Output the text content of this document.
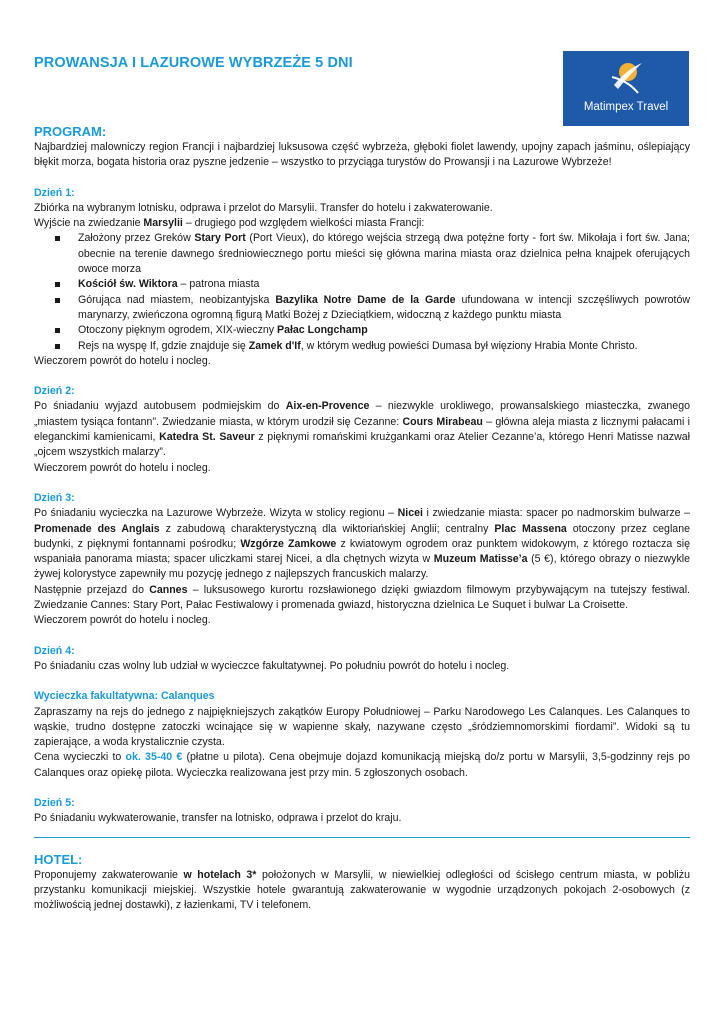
PROWANSJA I LAZUROWE WYBRZEŻE 5 DNI
Matimpex Travel
PROGRAM:

Najbardziej malowniczy region Francji i najbardziej luksusowa część wybrzeża, głęboki fiolet lawendy, upojny zapach jaśminu, oślepiający błękit morza, bogata historia oraz pyszne jedzenie – wszystko to przyciąga turystów do Prowansji i na Lazurowe Wybrzeże!

Dzień 1:

Zbiórka na wybranym lotnisku, odprawa i przelot do Marsylii. Transfer do hotelu i zakwaterowanie.

Wyjście na zwiedzanie Marsylii – drugiego pod względem wielkości miasta Francji:

Założony przez Greków Stary Port (Port Vieux), do którego wejścia strzegą dwa potężne forty - fort św. Mikołaja i fort św. Jana; obecnie na terenie dawnego średniowiecznego portu mieści się główna marina miasta oraz dzielnica pełna knajpek oferujących owoce morza
Kościół św. Wiktora – patrona miasta
Górująca nad miastem, neobizantyjska Bazylika Notre Dame de la Garde ufundowana w intencji szczęśliwych powrotów marynarzy, zwieńczona ogromną figurą Matki Bożej z Dzieciątkiem, widoczną z każdego punktu miasta
Otoczony pięknym ogrodem, XIX-wieczny Pałac Longchamp
Rejs na wyspę If, gdzie znajduje się Zamek d'If, w którym według powieści Dumasa był więziony Hrabia Monte Christo.

Wieczorem powrót do hotelu i nocleg.

Dzień 2:

Po śniadaniu wyjazd autobusem podmiejskim do Aix-en-Provence – niezwykle urokliwego, prowansalskiego miasteczka, zwanego „miastem tysiąca fontann”. Zwiedzanie miasta, w którym urodził się Cezanne: Cours Mirabeau – główna aleja miasta z licznymi pałacami i eleganckimi kamienicami, Katedra St. Saveur z pięknymi romańskimi krużgankami oraz Atelier Cezanne’a, którego Henri Matisse nazwał „ojcem wszystkich malarzy”.

Wieczorem powrót do hotelu i nocleg.

Dzień 3:

Po śniadaniu wycieczka na Lazurowe Wybrzeże. Wizyta w stolicy regionu – Nicei i zwiedzanie miasta: spacer po nadmorskim bulwarze – Promenade des Anglais z zabudową charakterystyczną dla wiktoriańskiej Anglii; centralny Plac Massena otoczony przez ceglane budynki, z pięknymi fontannami pośrodku; Wzgórze Zamkowe z kwiatowym ogrodem oraz punktem widokowym, z którego roztacza się wspaniała panorama miasta; spacer uliczkami starej Nicei, a dla chętnych wizyta w Muzeum Matisse’a (5 €), którego obrazy o niezwykle żywej kolorystyce zapewniły mu pozycję jednego z najlepszych francuskich malarzy.

Następnie przejazd do Cannes – luksusowego kurortu rozsławionego dzięki gwiazdom filmowym przybywającym na tutejszy festiwal. Zwiedzanie Cannes: Stary Port, Pałac Festiwalowy i promenada gwiazd, historyczna dzielnica Le Suquet i bulwar La Croisette.

Wieczorem powrót do hotelu i nocleg.

Dzień 4:

Po śniadaniu czas wolny lub udział w wycieczce fakultatywnej. Po południu powrót do hotelu i nocleg.

Wycieczka fakultatywna: Calanques

Zapraszamy na rejs do jednego z najpiękniejszych zakątków Europy Południowej – Parku Narodowego Les Calanques. Les Calanques to wąskie, trudno dostępne zatoczki wcinające się w wapienne skały, nazywane często „śródziemnomorskimi fiordami”. Widoki są tu zapierające, a woda krystalicznie czysta.

Cena wycieczki to ok. 35-40 € (płatne u pilota). Cena obejmuje dojazd komunikacją miejską do/z portu w Marsylii, 3,5-godzinny rejs po Calanques oraz opiekę pilota. Wycieczka realizowana jest przy min. 5 zgłoszonych osobach.

Dzień 5:

Po śniadaniu wykwaterowanie, transfer na lotnisko, odprawa i przelot do kraju.

HOTEL:

Proponujemy zakwaterowanie w hotelach 3* położonych w Marsylii, w niewielkiej odległości od ścisłego centrum miasta, w pobliżu przystanku komunikacji miejskiej. Wszystkie hotele gwarantują zakwaterowanie w wygodnie urządzonych pokojach 2-osobowych (z możliwością jednej dostawki), z łazienkami, TV i telefonem.
